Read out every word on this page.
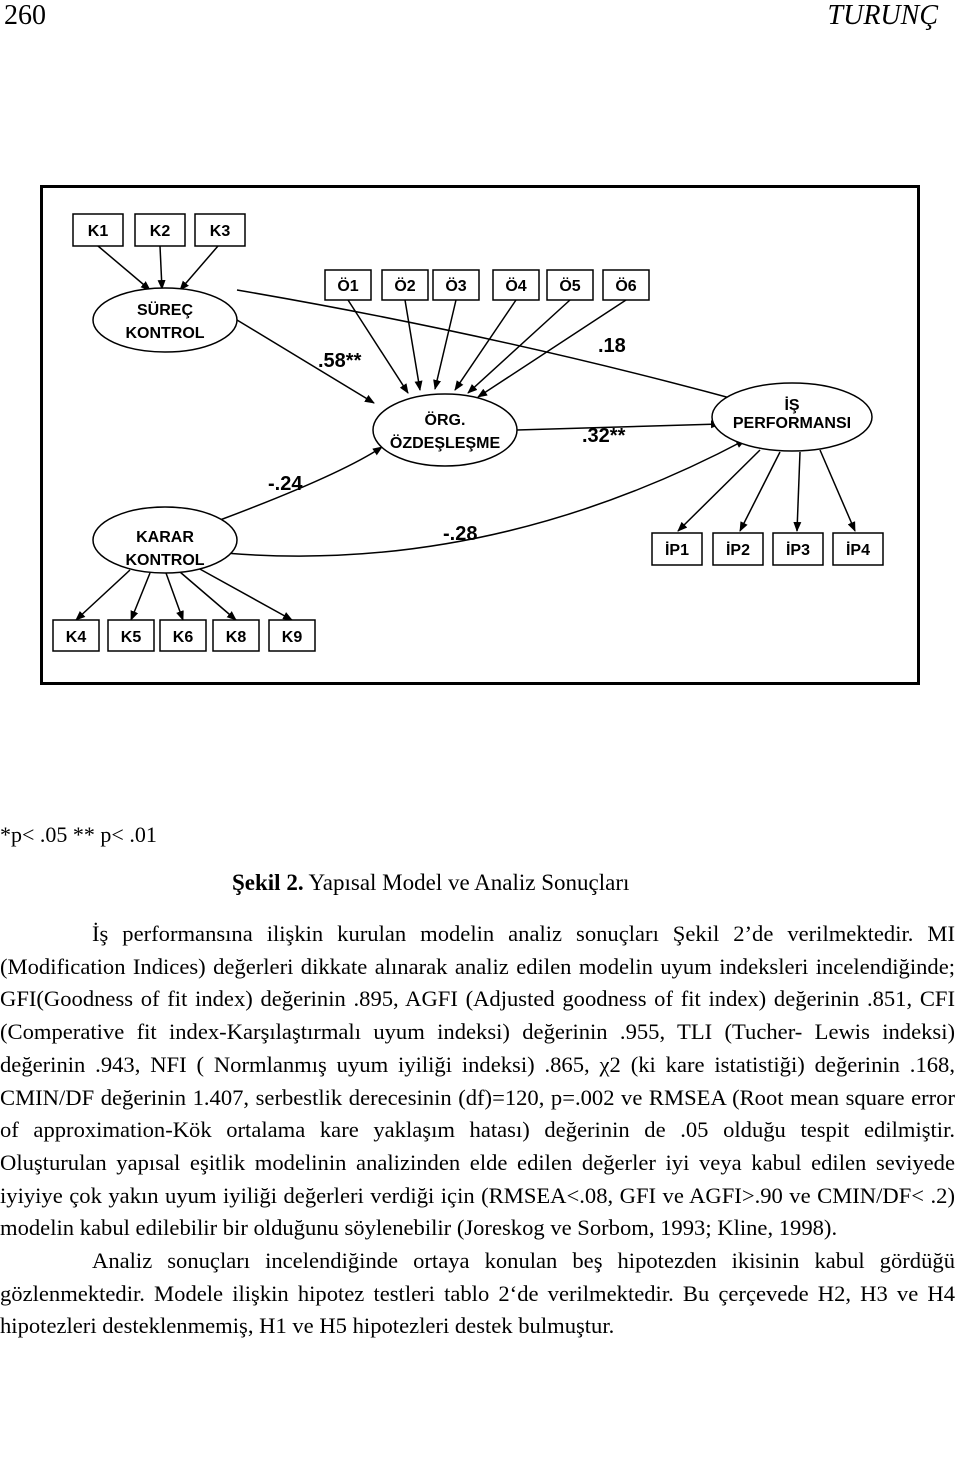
260	TURUNÇ
SÜREÇ
KONTROL
ÖRG.
ÖZDEŞLEŞME
İŞ
PERFORMANSI
KARAR
KONTROL
.58**
.18
.32**
-.24
-.28
K1	K2 K3
Ö1 Ö2 Ö3 Ö4 Ö5 Ö6
İP1 İP2 İP3 İP4
K4 K5 K6 K8 K9
*p< .05 ** p< .01
Şekil 2. Yapısal Model ve Analiz Sonuçları

İş performansına ilişkin kurulan modelin analiz sonuçları Şekil 2’de verilmektedir. MI (Modification Indices) değerleri dikkate alınarak analiz edilen modelin uyum indeksleri incelendiğinde; GFI(Goodness of fit index) değerinin .895, AGFI (Adjusted goodness of fit index) değerinin .851, CFI (Comperative fit index-Karşılaştırmalı uyum indeksi) değerinin .955, TLI (Tucher- Lewis indeksi) değerinin .943, NFI ( Normlanmış uyum iyiliği indeksi) .865, χ2 (ki kare istatistiği) değerinin .168, CMIN/DF değerinin 1.407, serbestlik derecesinin (df)=120, p=.002 ve RMSEA (Root mean square error of approximation-Kök ortalama kare yaklaşım hatası) değerinin de .05 olduğu tespit edilmiştir. Oluşturulan yapısal eşitlik modelinin analizinden elde edilen değerler iyi veya kabul edilen seviyede iyiyiye çok yakın uyum iyiliği değerleri verdiği için (RMSEA<.08, GFI ve AGFI>.90 ve CMIN/DF< .2) modelin kabul edilebilir bir olduğunu söylenebilir (Joreskog ve Sorbom, 1993; Kline, 1998).

Analiz sonuçları incelendiğinde ortaya konulan beş hipotezden ikisinin kabul gördüğü gözlenmektedir. Modele ilişkin hipotez testleri tablo 2‘de verilmektedir. Bu çerçevede H2, H3 ve H4 hipotezleri desteklenmemiş, H1 ve H5 hipotezleri destek bulmuştur.
